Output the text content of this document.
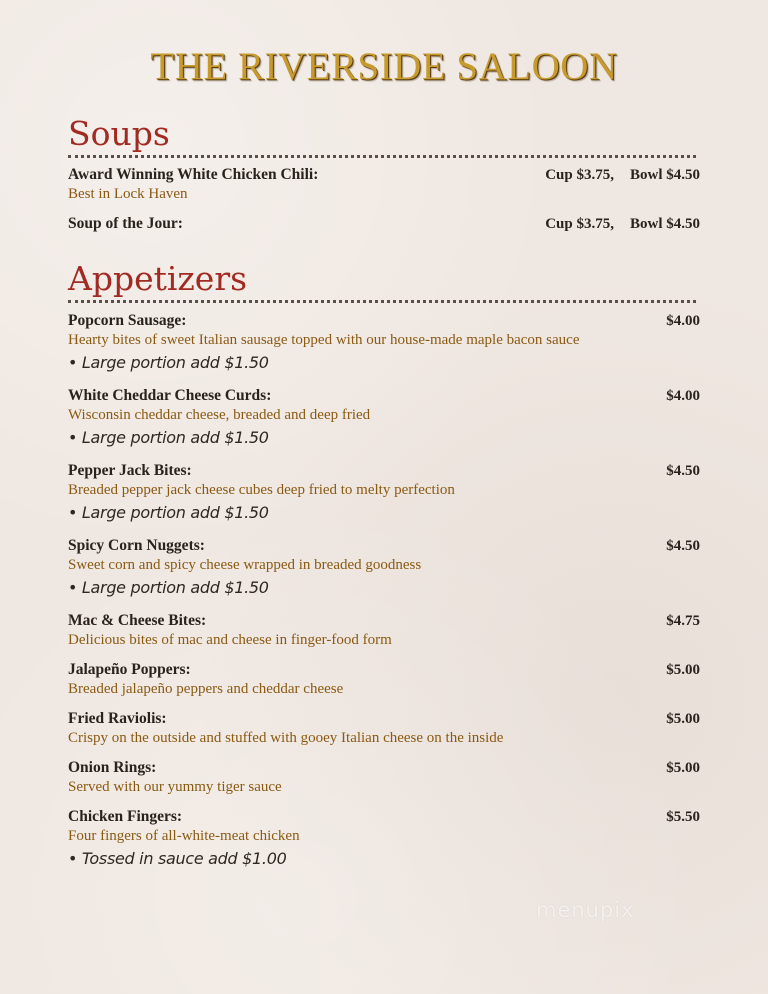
THE RIVERSIDE SALOON
Soups
Award Winning White Chicken Chili:	Cup $3.75, Bowl $4.50
Best in Lock Haven
Soup of the Jour:	Cup $3.75, Bowl $4.50
Appetizers
Popcorn Sausage:	$4.00
Hearty bites of sweet Italian sausage topped with our house-made maple bacon sauce
• Large portion add $1.50
White Cheddar Cheese Curds:	$4.00
Wisconsin cheddar cheese, breaded and deep fried
• Large portion add $1.50
Pepper Jack Bites:	$4.50
Breaded pepper jack cheese cubes deep fried to melty perfection
• Large portion add $1.50
Spicy Corn Nuggets:	$4.50
Sweet corn and spicy cheese wrapped in breaded goodness
• Large portion add $1.50
Mac & Cheese Bites:	$4.75
Delicious bites of mac and cheese in finger-food form
Jalapeño Poppers:	$5.00
Breaded jalapeño peppers and cheddar cheese
Fried Raviolis:	$5.00
Crispy on the outside and stuffed with gooey Italian cheese on the inside
Onion Rings:	$5.00
Served with our yummy tiger sauce
Chicken Fingers:	$5.50
Four fingers of all-white-meat chicken
• Tossed in sauce add $1.00
menupix
